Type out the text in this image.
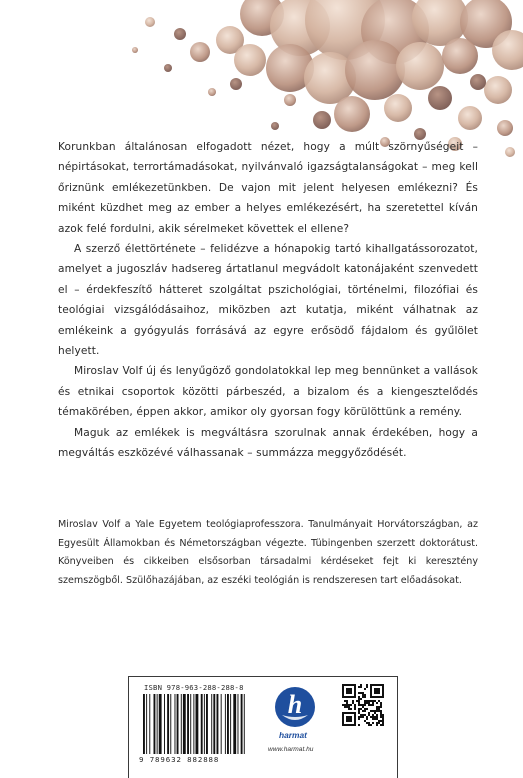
Korunkban általánosan elfogadott nézet, hogy a múlt szörnyűségeit – népirtásokat, terrortámadásokat, nyilvánvaló igazságtalanságokat – meg kell őriznünk emlékezetünkben. De vajon mit jelent helyesen emlékezni? És miként küzdhet meg az ember a helyes emlékezésért, ha szeretettel kíván azok felé fordulni, akik sérelmeket követtek el ellene?

A szerző élettörténete – felidézve a hónapokig tartó kihallgatássorozatot, amelyet a jugoszláv hadsereg ártatlanul megvádolt katonájaként szenvedett el – érdekfeszítő hátteret szolgáltat pszichológiai, történelmi, filozófiai és teológiai vizsgálódásaihoz, miközben azt kutatja, miként válhatnak az emlékeink a gyógyulás forrásává az egyre erősödő fájdalom és gyűlölet helyett.

Miroslav Volf új és lenyűgöző gondolatokkal lep meg bennünket a vallások és etnikai csoportok közötti párbeszéd, a bizalom és a kiengesztelődés témakörében, éppen akkor, amikor oly gyorsan fogy körülöttünk a remény.

Maguk az emlékek is megváltásra szorulnak annak érdekében, hogy a megváltás eszközévé válhassanak – summázza meggyőződését.

Miroslav Volf a Yale Egyetem teológiaprofesszora. Tanulmányait Horvátországban, az Egyesült Államokban és Németországban végezte. Tübingenben szerzett doktorátust. Könyveiben és cikkeiben elsősorban társadalmi kérdéseket fejt ki keresztény szemszögből. Szülőhazájában, az eszéki teológián is rendszeresen tart előadásokat.

ISBN 978-963-288-288-8
9 789632 882888
h
harmat
www.harmat.hu
